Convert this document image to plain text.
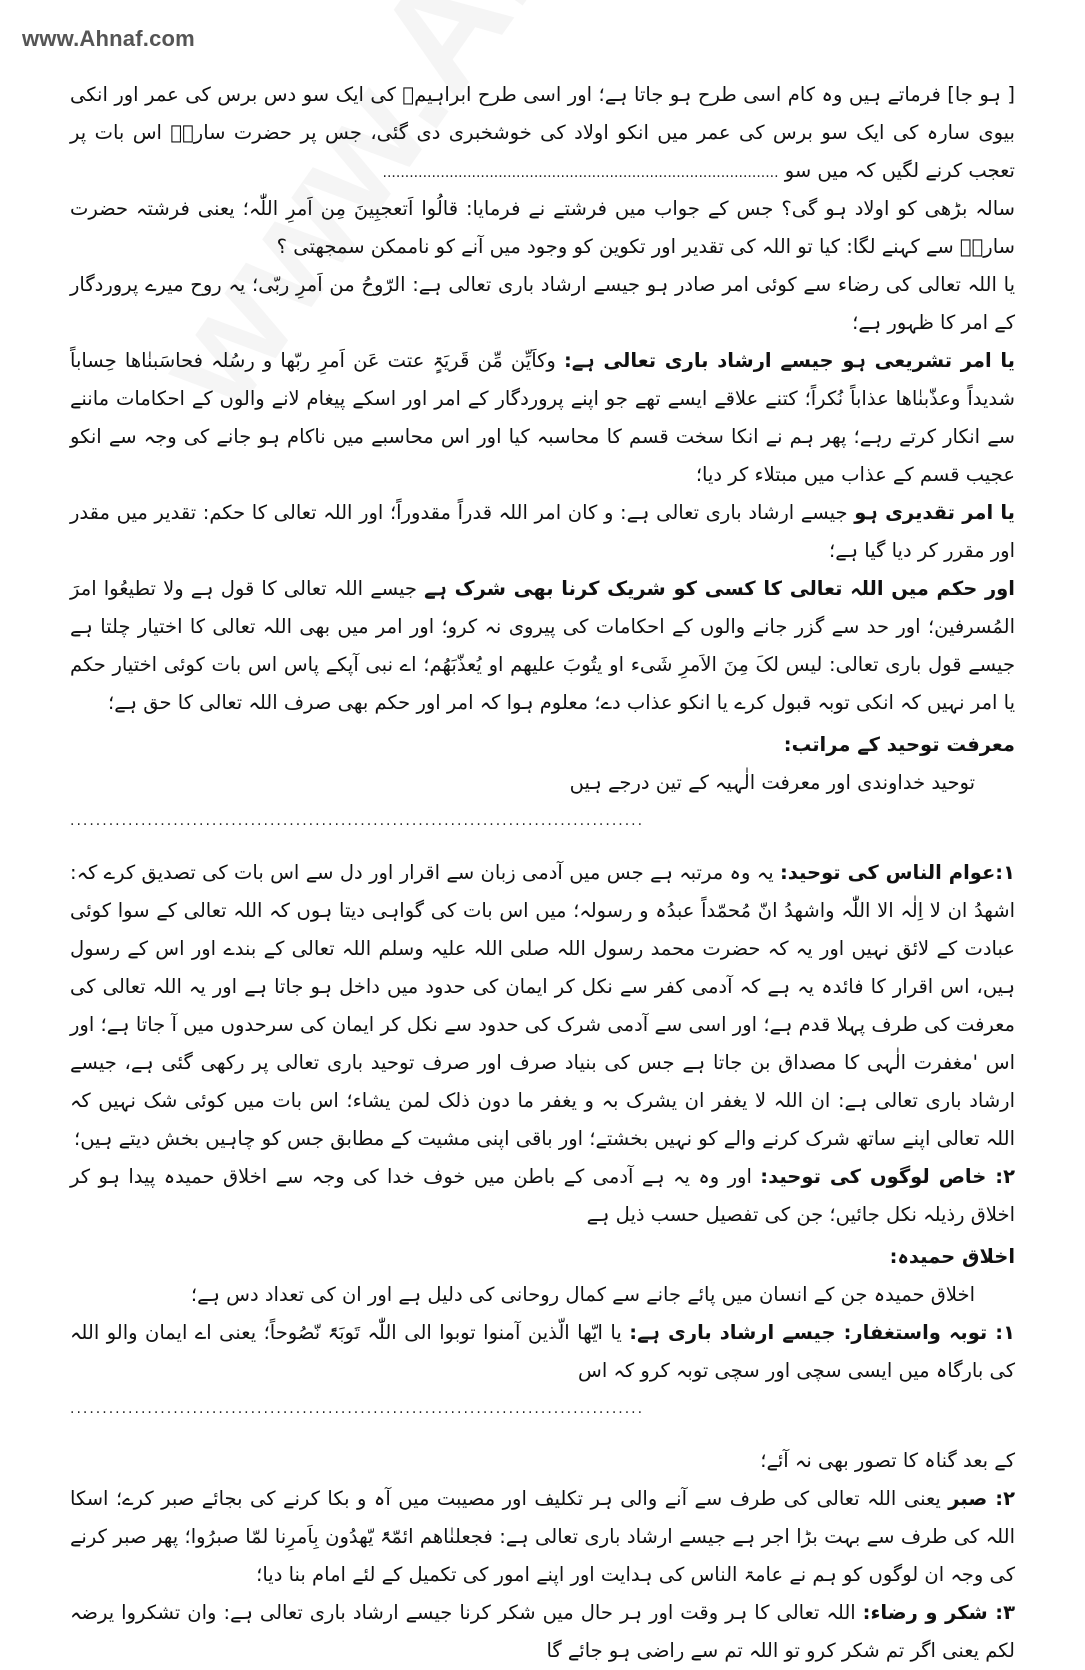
www.Ahnaf.com

[ ہو جا] فرماتے ہیں وہ کام اسی طرح ہو جاتا ہے؛ اور اسی طرح ابراہیمؑ کی ایک سو دس برس کی عمر اور انکی بیوی سارہ کی ایک سو برس کی عمر میں انکو اولاد کی خوشخبری دی گئی، جس پر حضرت سارہؑ اس بات پر تعجب کرنے لگیں کہ میں سو .........................................................................................

سالہ بڑھی کو اولاد ہو گی؟ جس کے جواب میں فرشتے نے فرمایا: قالُوا اَتعجبِینَ مِن اَمرِ اللّٰہ؛ یعنی فرشتہ حضرت سارہؑ سے کہنے لگا: کیا تو اللہ کی تقدیر اور تکوین کو وجود میں آنے کو ناممکن سمجھتی ؟

یا اللہ تعالی کی رضاء سے کوئی امر صادر ہو جیسے ارشاد باری تعالی ہے: الرّوحُ من اَمرِ ربّی؛ یہ روح میرے پروردگار کے امر کا ظہور ہے؛

یا امر تشریعی ہو جیسے ارشاد باری تعالی ہے: وکاَیِّن مِّن قَریَۃٍ عتت عَن اَمرِ ربّھا و رسُلہ فحاسَبنٰاھا حِساباً شدیداً وعذّبنٰاھا عذاباً نُکراً؛ کتنے علاقے ایسے تھے جو اپنے پروردگار کے امر اور اسکے پیغام لانے والوں کے احکامات ماننے سے انکار کرتے رہے؛ پھر ہم نے انکا سخت قسم کا محاسبہ کیا اور اس محاسبے میں ناکام ہو جانے کی وجہ سے انکو عجیب قسم کے عذاب میں مبتلاء کر دیا؛

یا امر تقدیری ہو جیسے ارشاد باری تعالی ہے: و کان امر اللہ قدراً مقدوراً؛ اور اللہ تعالی کا حکم: تقدیر میں مقدر اور مقرر کر دیا گیا ہے؛

اور حکم میں اللہ تعالی کا کسی کو شریک کرنا بھی شرک ہے جیسے اللہ تعالی کا قول ہے ولا تطیعُوا امرَ المُسرفین؛ اور حد سے گزر جانے والوں کے احکامات کی پیروی نہ کرو؛ اور امر میں بھی اللہ تعالی کا اختیار چلتا ہے جیسے قول باری تعالی: لیس لکَ مِنَ الاَمرِ شَیء او یتُوبَ علیھم او یُعذّبَھُم؛ اے نبی آپکے پاس اس بات کوئی اختیار حکم یا امر نہیں کہ انکی توبہ قبول کرے یا انکو عذاب دے؛ معلوم ہوا کہ امر اور حکم بھی صرف اللہ تعالی کا حق ہے؛

معرفت توحید کے مراتب:

توحید خداوندی اور معرفت الٰہیہ کے تین درجے ہیں

.........................................................................................

۱:عوام الناس کی توحید: یہ وہ مرتبہ ہے جس میں آدمی زبان سے اقرار اور دل سے اس بات کی تصدیق کرے کہ: اشھدُ ان لا اِلٰہ الا اللّٰہ واشھدُ انّ مُحمّداً عبدُہ و رسولہ؛ میں اس بات کی گواہی دیتا ہوں کہ اللہ تعالی کے سوا کوئی عبادت کے لائق نہیں اور یہ کہ حضرت محمد رسول اللہ صلی اللہ علیہ وسلم اللہ تعالی کے بندے اور اس کے رسول ہیں، اس اقرار کا فائدہ یہ ہے کہ آدمی کفر سے نکل کر ایمان کی حدود میں داخل ہو جاتا ہے اور یہ اللہ تعالی کی معرفت کی طرف پہلا قدم ہے؛ اور اسی سے آدمی شرک کی حدود سے نکل کر ایمان کی سرحدوں میں آ جاتا ہے؛ اور اس 'مغفرت الٰہی کا مصداق بن جاتا ہے جس کی بنیاد صرف اور صرف توحید باری تعالی پر رکھی گئی ہے، جیسے ارشاد باری تعالی ہے: ان اللہ لا یغفر ان یشرک بہ و یغفر ما دون ذلک لمن یشاء؛ اس بات میں کوئی شک نہیں کہ اللہ تعالی اپنے ساتھ شرک کرنے والے کو نہیں بخشتے؛ اور باقی اپنی مشیت کے مطابق جس کو چاہیں بخش دیتے ہیں؛

۲: خاص لوگوں کی توحید: اور وہ یہ ہے آدمی کے باطن میں خوف خدا کی وجہ سے اخلاق حمیدہ پیدا ہو کر اخلاق رذیلہ نکل جائیں؛ جن کی تفصیل حسب ذیل ہے

اخلاق حمیدہ:

اخلاق حمیدہ جن کے انسان میں پائے جانے سے کمال روحانی کی دلیل ہے اور ان کی تعداد دس ہے؛

۱: توبہ واستغفار: جیسے ارشاد باری ہے: یا ایّھا الّذین آمنوا توبوا الی اللّٰہ تَوبَۃً نّصُوحاً؛ یعنی اے ایمان والو اللہ کی بارگاہ میں ایسی سچی اور سچی توبہ کرو کہ اس

.........................................................................................

کے بعد گناہ کا تصور بھی نہ آئے؛

۲: صبر یعنی اللہ تعالی کی طرف سے آنے والی ہر تکلیف اور مصیبت میں آہ و بکا کرنے کی بجائے صبر کرے؛ اسکا اللہ کی طرف سے بہت بڑا اجر ہے جیسے ارشاد باری تعالی ہے: فجعلنٰاھم ائمّۃً یّھدُون بِاَمرِنا لمّا صبرُوا؛ پھر صبر کرنے کی وجہ ان لوگوں کو ہم نے عامۃ الناس کی ہدایت اور اپنے امور کی تکمیل کے لئے امام بنا دیا؛

۳: شکر و رضاء: اللہ تعالی کا ہر وقت اور ہر حال میں شکر کرنا جیسے ارشاد باری تعالی ہے: وان تشکروا یرضہ لکم یعنی اگر تم شکر کرو تو اللہ تم سے راضی ہو جائے گا
